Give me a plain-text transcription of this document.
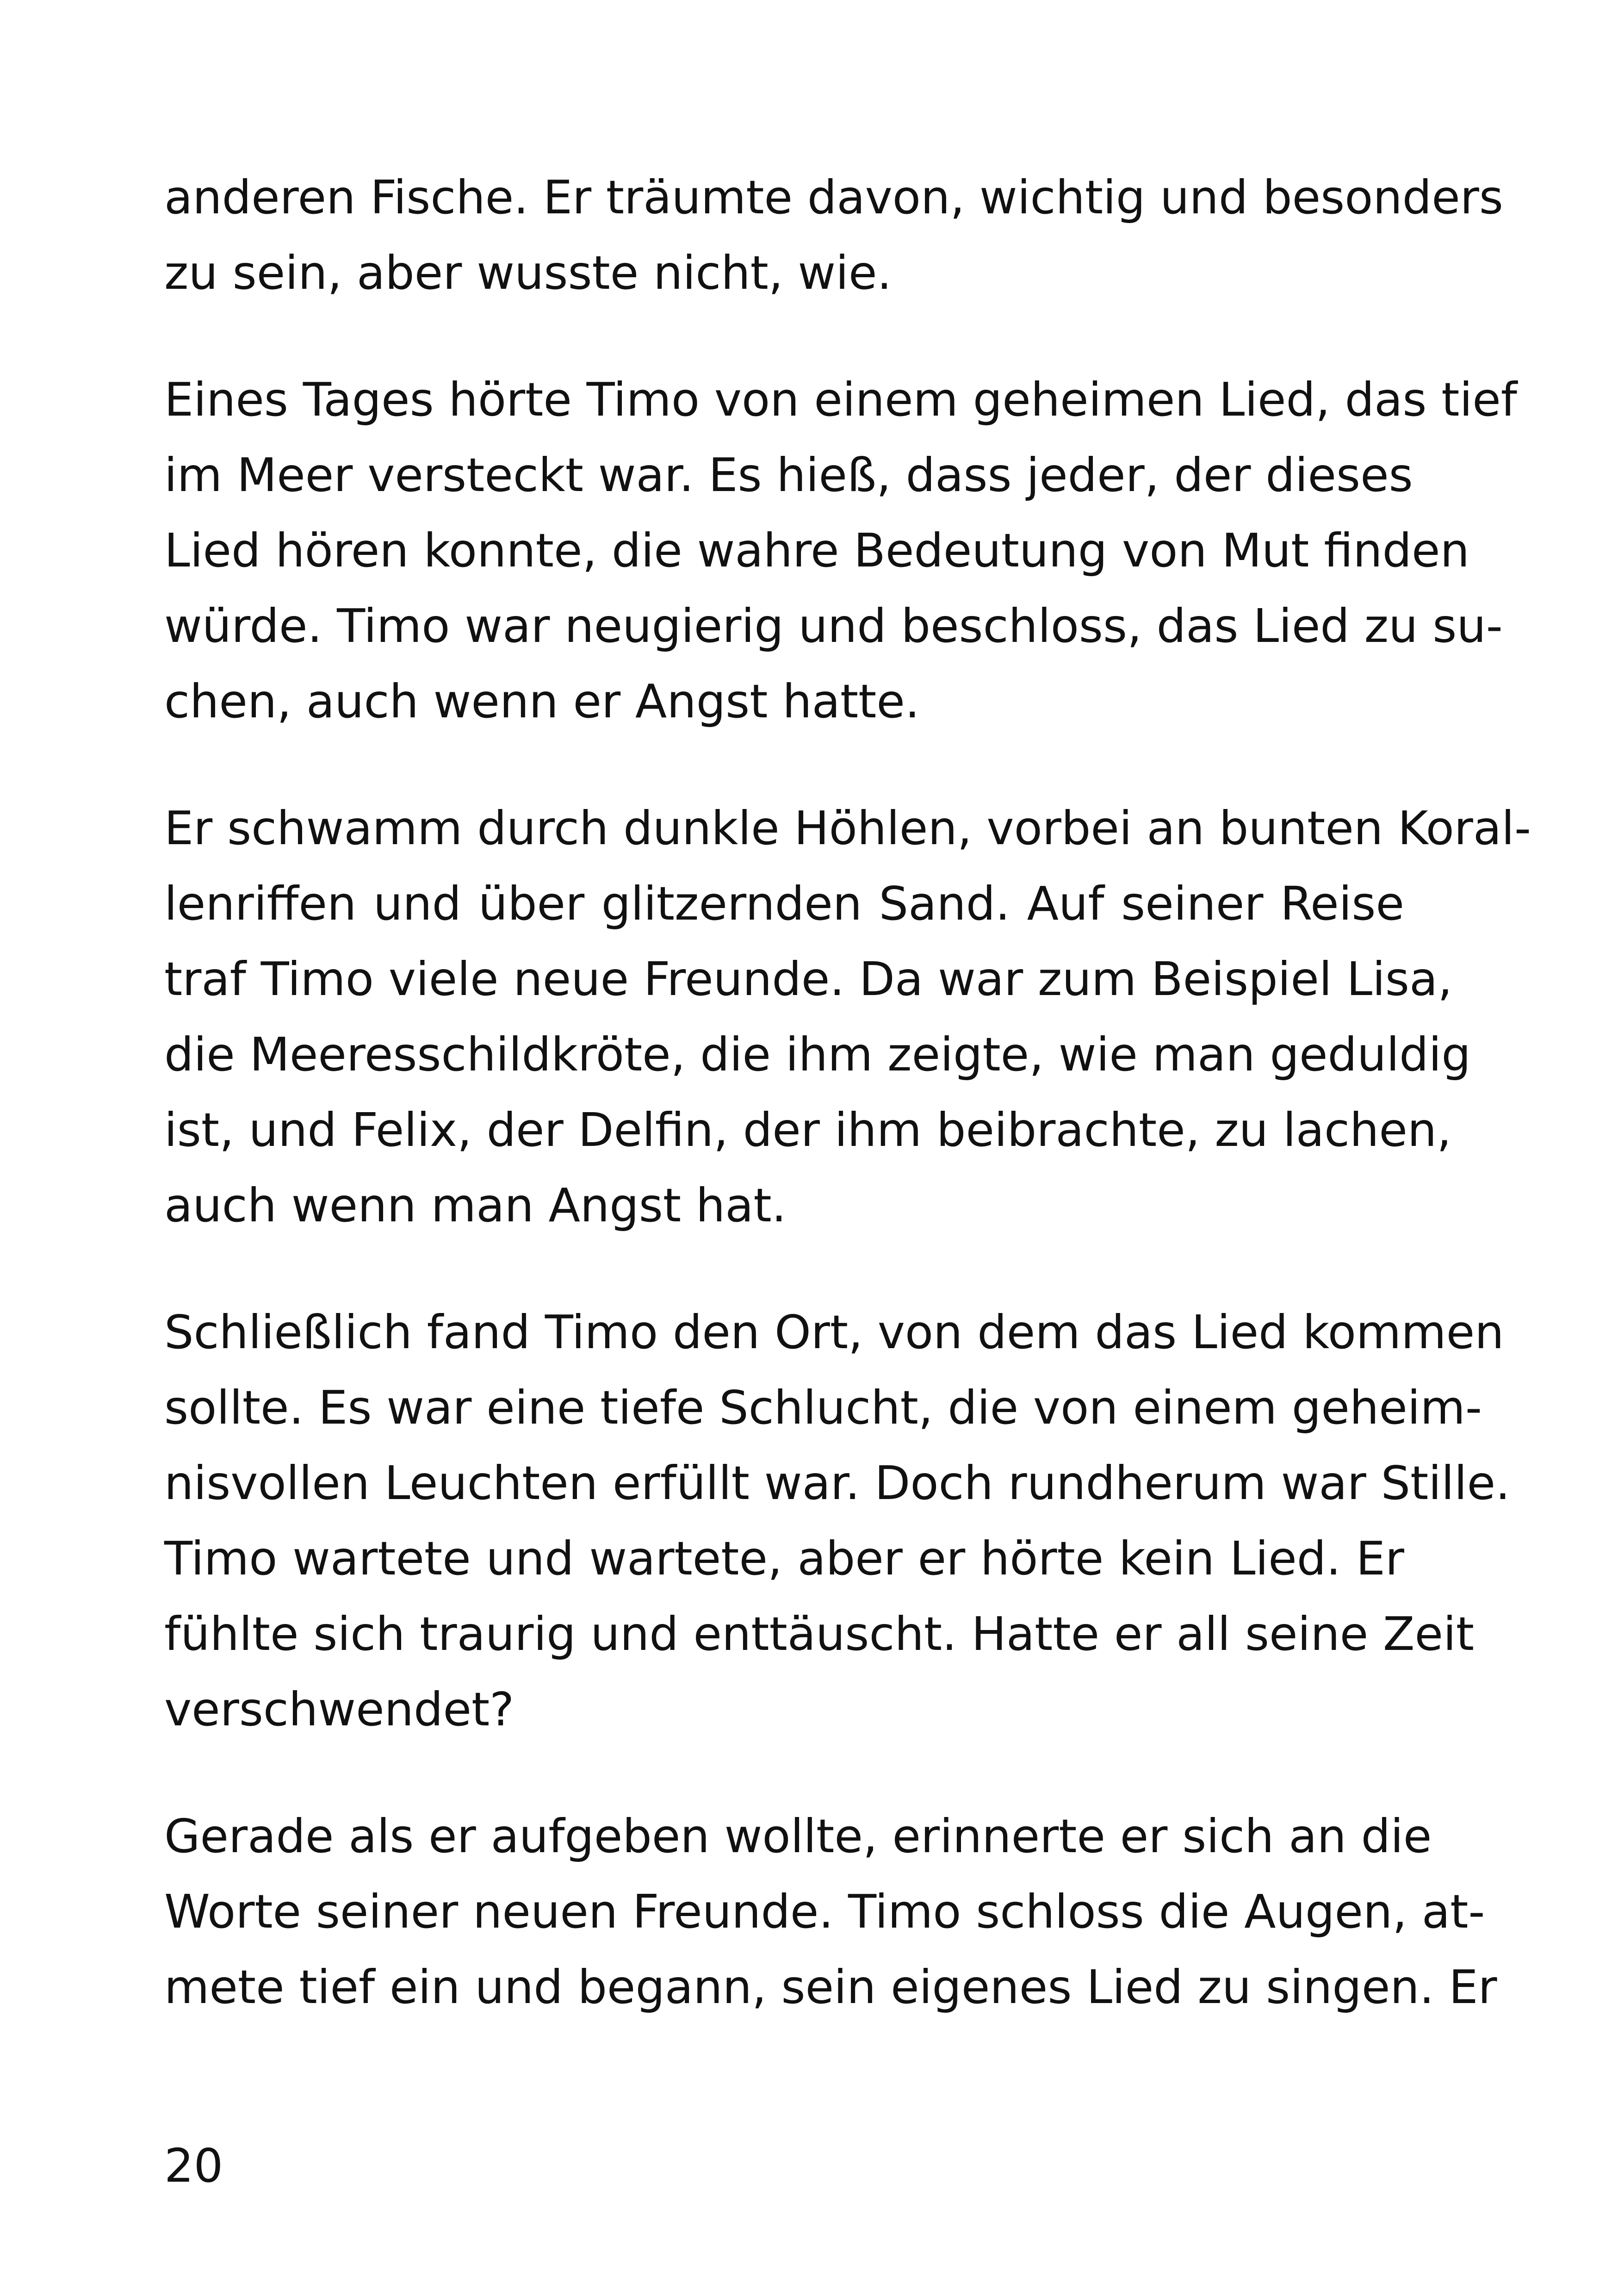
anderen Fische. Er träumte davon, wichtig und besonders
zu sein, aber wusste nicht, wie.

Eines Tages hörte Timo von einem geheimen Lied, das tief
im Meer versteckt war. Es hieß, dass jeder, der dieses
Lied hören konnte, die wahre Bedeutung von Mut finden
würde. Timo war neugierig und beschloss, das Lied zu su-
chen, auch wenn er Angst hatte.

Er schwamm durch dunkle Höhlen, vorbei an bunten Koral-
lenriffen und über glitzernden Sand. Auf seiner Reise
traf Timo viele neue Freunde. Da war zum Beispiel Lisa,
die Meeresschildkröte, die ihm zeigte, wie man geduldig
ist, und Felix, der Delfin, der ihm beibrachte, zu lachen,
auch wenn man Angst hat.

Schließlich fand Timo den Ort, von dem das Lied kommen
sollte. Es war eine tiefe Schlucht, die von einem geheim-
nisvollen Leuchten erfüllt war. Doch rundherum war Stille.
Timo wartete und wartete, aber er hörte kein Lied. Er
fühlte sich traurig und enttäuscht. Hatte er all seine Zeit
verschwendet?

Gerade als er aufgeben wollte, erinnerte er sich an die
Worte seiner neuen Freunde. Timo schloss die Augen, at-
mete tief ein und begann, sein eigenes Lied zu singen. Er

20
